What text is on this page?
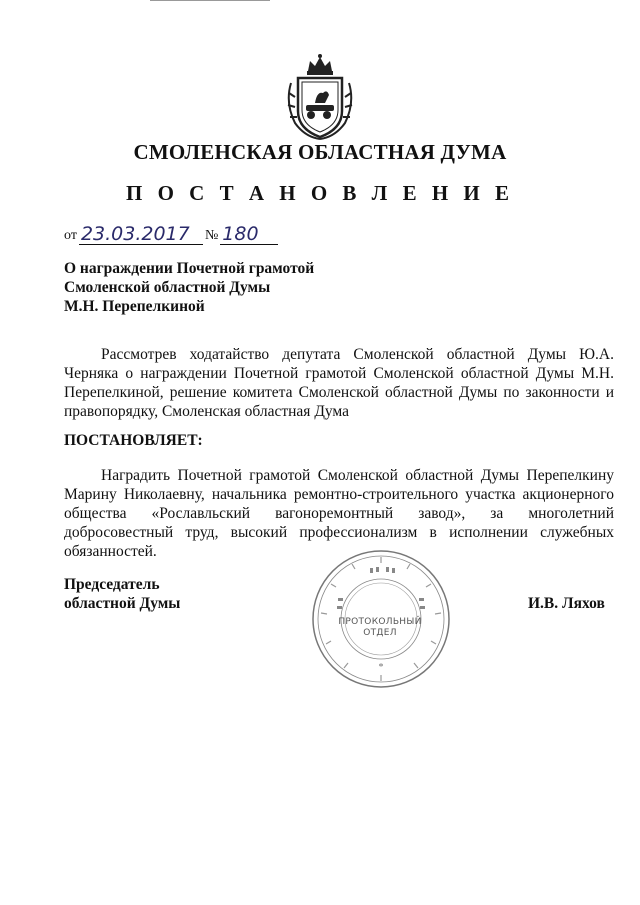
СМОЛЕНСКАЯ ОБЛАСТНАЯ ДУМА
П О С Т А Н О В Л Е Н И Е
от 23.03.2017	№ 180
О награждении Почетной грамотой
Смоленской областной Думы
М.Н. Перепелкиной
Рассмотрев ходатайство депутата Смоленской областной Думы Ю.А. Черняка о награждении Почетной грамотой Смоленской областной Думы М.Н. Перепелкиной, решение комитета Смоленской областной Думы по законности и правопорядку, Смоленская областная Дума
ПОСТАНОВЛЯЕТ:
Наградить Почетной грамотой Смоленской областной Думы Перепелкину Марину Николаевну, начальника ремонтно-строительного участка акционерного общества «Рославльский вагоноремонтный завод», за многолетний добросовестный труд, высокий профессионализм в исполнении служебных обязанностей.
Председатель
областной Думы
*
ПРОТОКОЛЬНЫЙ
ОТДЕЛ
И.В. Ляхов
